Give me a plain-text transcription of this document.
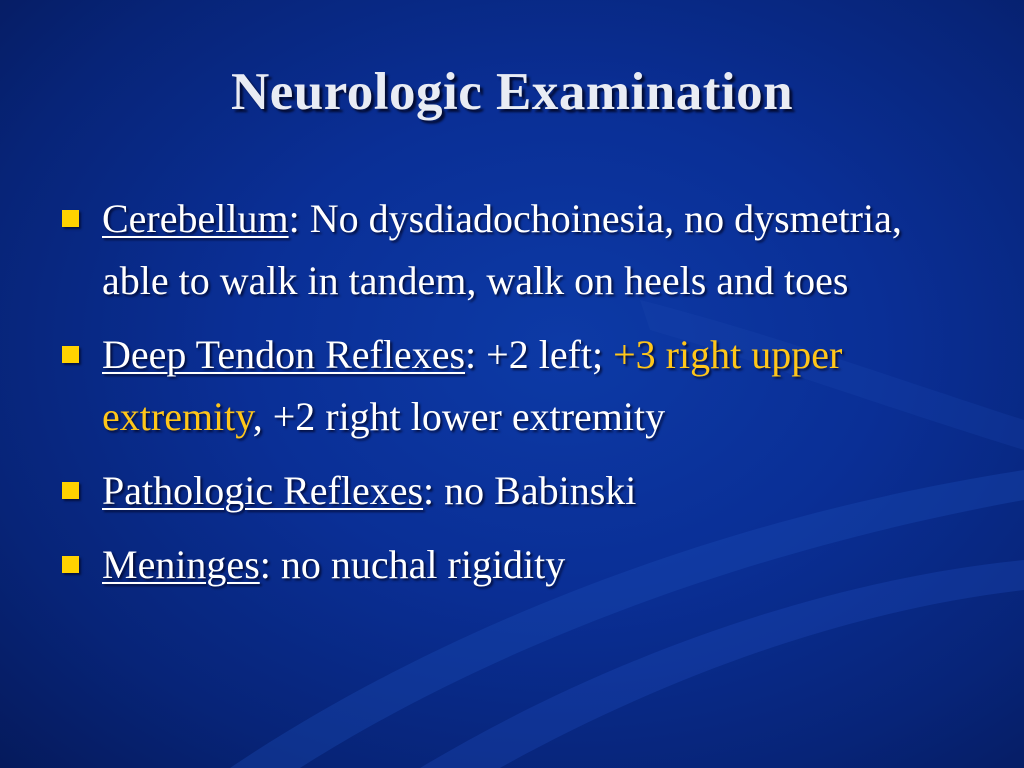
Neurologic Examination
Cerebellum: No dysdiadochoinesia, no dysmetria, able to walk in tandem, walk on heels and toes
Deep Tendon Reflexes: +2 left; +3 right upper extremity, +2 right lower extremity
Pathologic Reflexes: no Babinski
Meninges: no nuchal rigidity
